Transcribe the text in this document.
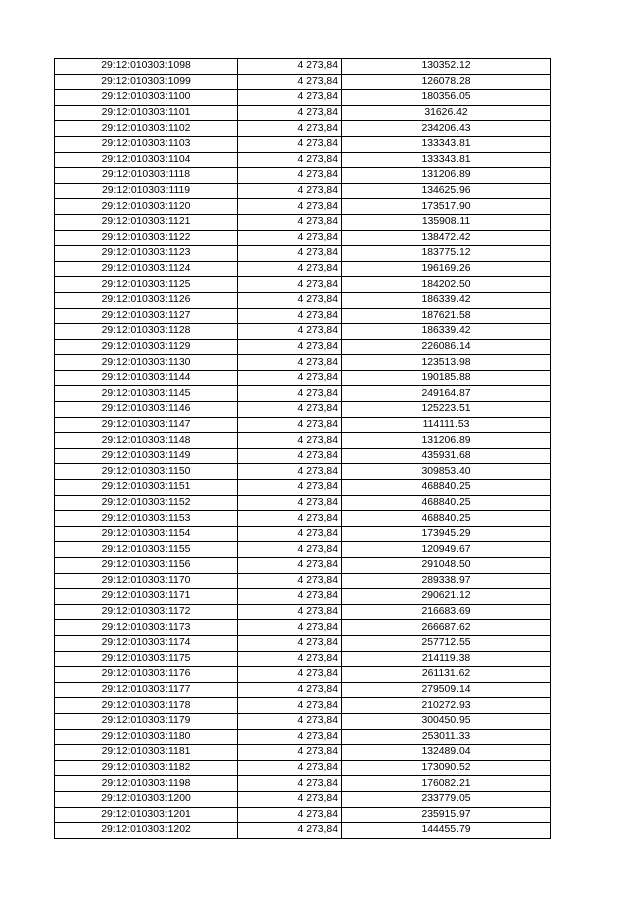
29:12:010303:1098	4 273,84	130352.12
29:12:010303:1099	4 273,84	126078.28
29:12:010303:1100	4 273,84	180356.05
29:12:010303:1101	4 273,84	31626.42
29:12:010303:1102	4 273,84	234206.43
29:12:010303:1103	4 273,84	133343.81
29:12:010303:1104	4 273,84	133343.81
29:12:010303:1118	4 273,84	131206.89
29:12:010303:1119	4 273,84	134625.96
29:12:010303:1120	4 273,84	173517.90
29:12:010303:1121	4 273,84	135908.11
29:12:010303:1122	4 273,84	138472.42
29:12:010303:1123	4 273,84	183775.12
29:12:010303:1124	4 273,84	196169.26
29:12:010303:1125	4 273,84	184202.50
29:12:010303:1126	4 273,84	186339.42
29:12:010303:1127	4 273,84	187621.58
29:12:010303:1128	4 273,84	186339.42
29:12:010303:1129	4 273,84	226086.14
29:12:010303:1130	4 273,84	123513.98
29:12:010303:1144	4 273,84	190185.88
29:12:010303:1145	4 273,84	249164.87
29:12:010303:1146	4 273,84	125223.51
29:12:010303:1147	4 273,84	114111.53
29:12:010303:1148	4 273,84	131206.89
29:12:010303:1149	4 273,84	435931.68
29:12:010303:1150	4 273,84	309853.40
29:12:010303:1151	4 273,84	468840.25
29:12:010303:1152	4 273,84	468840.25
29:12:010303:1153	4 273,84	468840.25
29:12:010303:1154	4 273,84	173945.29
29:12:010303:1155	4 273,84	120949.67
29:12:010303:1156	4 273,84	291048.50
29:12:010303:1170	4 273,84	289338.97
29:12:010303:1171	4 273,84	290621.12
29:12:010303:1172	4 273,84	216683.69
29:12:010303:1173	4 273,84	266687.62
29:12:010303:1174	4 273,84	257712.55
29:12:010303:1175	4 273,84	214119.38
29:12:010303:1176	4 273,84	261131.62
29:12:010303:1177	4 273,84	279509.14
29:12:010303:1178	4 273,84	210272.93
29:12:010303:1179	4 273,84	300450.95
29:12:010303:1180	4 273,84	253011.33
29:12:010303:1181	4 273,84	132489.04
29:12:010303:1182	4 273,84	173090.52
29:12:010303:1198	4 273,84	176082.21
29:12:010303:1200	4 273,84	233779.05
29:12:010303:1201	4 273,84	235915.97
29:12:010303:1202	4 273,84	144455.79
